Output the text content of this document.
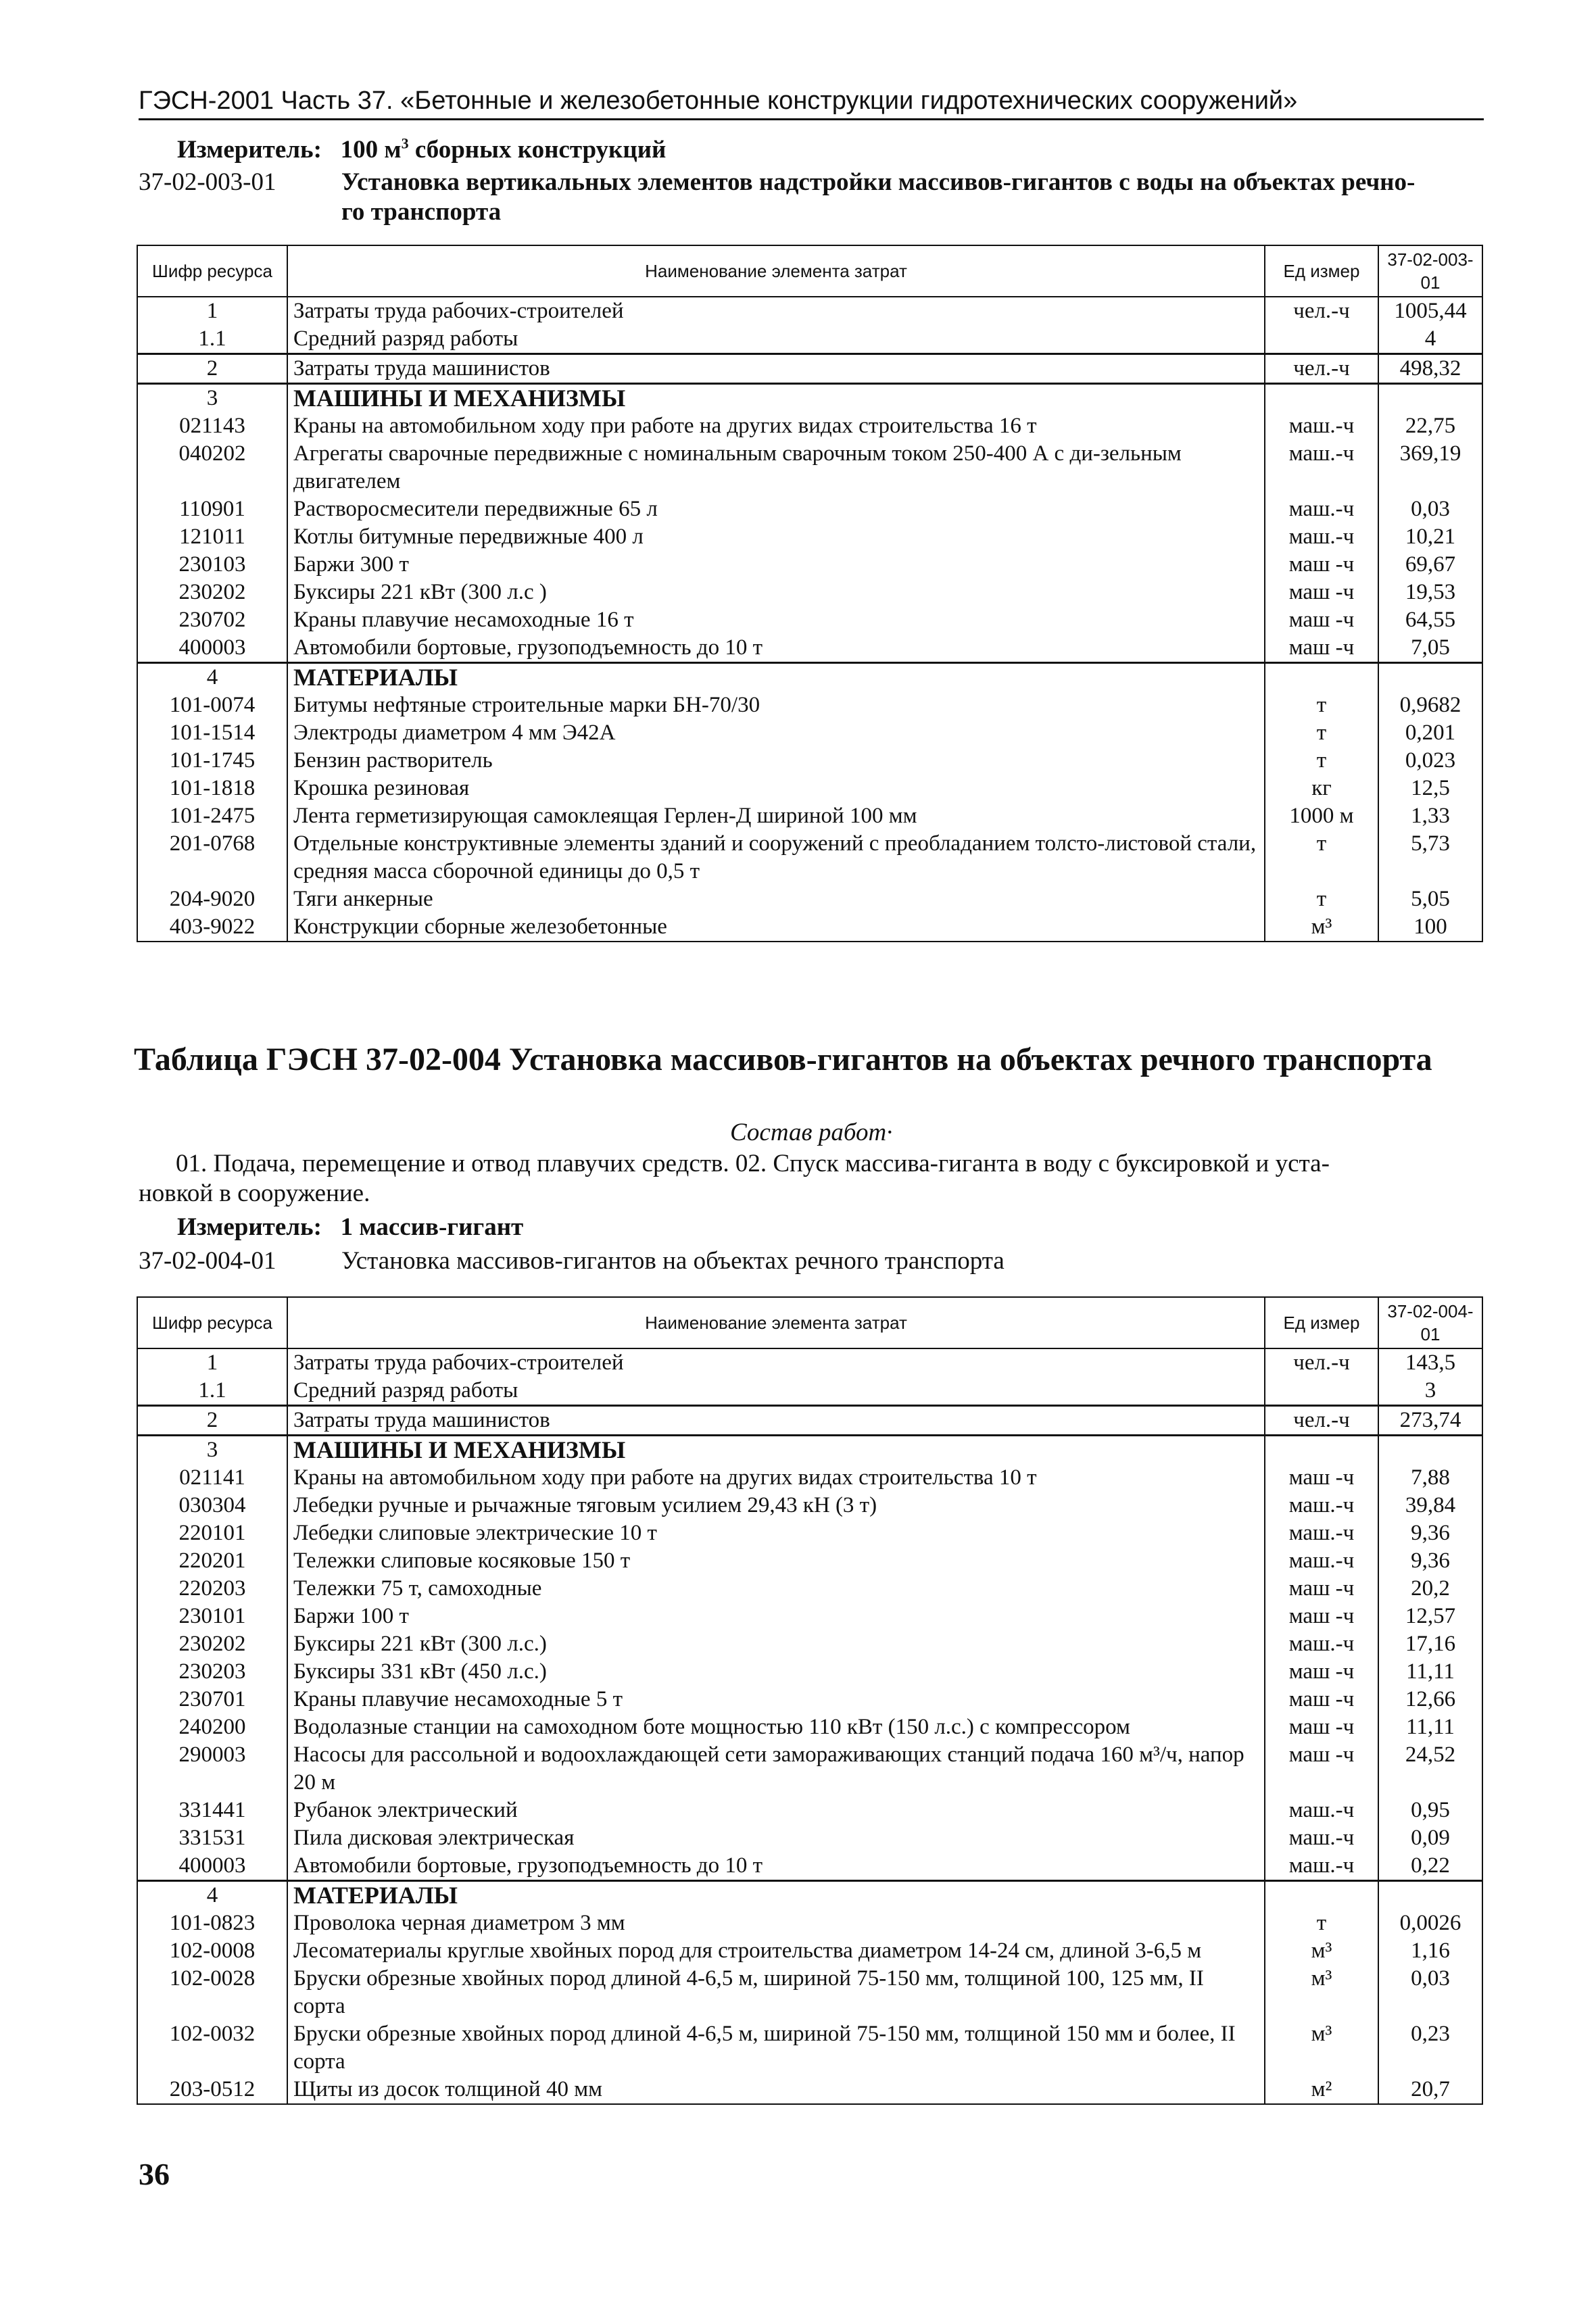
ГЭСН-2001 Часть 37. «Бетонные и железобетонные конструкции гидротехнических сооружений»
Измеритель: 100 $м^3$ сборных конструкций
37-02-003-01	Установка вертикальных элементов надстройки массивов-гигантов с воды на объектах речно-
го транспорта
Шифр ресурса	Наименование элемента затрат	Ед измер	37-02-003-01
1	Затраты труда рабочих-строителей	чел.-ч	1005,44
1.1	Средний разряд работы		4
2	Затраты труда машинистов	чел.-ч	498,32
3	МАШИНЫ И МЕХАНИЗМЫ		
021143	Краны на автомобильном ходу при работе на других видах строительства 16 т	маш.-ч	22,75
040202	Агрегаты сварочные передвижные с номинальным сварочным током 250-400 А с ди-зельным двигателем	маш.-ч	369,19
110901	Растворосмесители передвижные 65 л	маш.-ч	0,03
121011	Котлы битумные передвижные 400 л	маш.-ч	10,21
230103	Баржи 300 т	маш -ч	69,67
230202	Буксиры 221 кВт (300 л.с )	маш -ч	19,53
230702	Краны плавучие несамоходные 16 т	маш -ч	64,55
400003	Автомобили бортовые, грузоподъемность до 10 т	маш -ч	7,05
4	МАТЕРИАЛЫ		
101-0074	Битумы нефтяные строительные марки БН-70/30	т	0,9682
101-1514	Электроды диаметром 4 мм Э42А	т	0,201
101-1745	Бензин растворитель	т	0,023
101-1818	Крошка резиновая	кг	12,5
101-2475	Лента герметизирующая самоклеящая Герлен-Д шириной 100 мм	1000 м	1,33
201-0768	Отдельные конструктивные элементы зданий и сооружений с преобладанием толсто-листовой стали, средняя масса сборочной единицы до 0,5 т	т	5,73
204-9020	Тяги анкерные	т	5,05
403-9022	Конструкции сборные железобетонные	м³	100
Таблица ГЭСН 37-02-004 Установка массивов-гигантов на объектах речного транспорта
Состав работ·
01. Подача, перемещение и отвод плавучих средств. 02. Спуск массива-гиганта в воду с буксировкой и уста-
новкой в сооружение.
Измеритель: 1 массив-гигант
37-02-004-01	Установка массивов-гигантов на объектах речного транспорта
Шифр ресурса	Наименование элемента затрат	Ед измер	37-02-004-01
1	Затраты труда рабочих-строителей	чел.-ч	143,5
1.1	Средний разряд работы		3
2	Затраты труда машинистов	чел.-ч	273,74
3	МАШИНЫ И МЕХАНИЗМЫ		
021141	Краны на автомобильном ходу при работе на других видах строительства 10 т	маш -ч	7,88
030304	Лебедки ручные и рычажные тяговым усилием 29,43 кН (3 т)	маш.-ч	39,84
220101	Лебедки слиповые электрические 10 т	маш.-ч	9,36
220201	Тележки слиповые косяковые 150 т	маш.-ч	9,36
220203	Тележки 75 т, самоходные	маш -ч	20,2
230101	Баржи 100 т	маш -ч	12,57
230202	Буксиры 221 кВт (300 л.с.)	маш.-ч	17,16
230203	Буксиры 331 кВт (450 л.с.)	маш -ч	11,11
230701	Краны плавучие несамоходные 5 т	маш -ч	12,66
240200	Водолазные станции на самоходном боте мощностью 110 кВт (150 л.с.) с компрессором	маш -ч	11,11
290003	Насосы для рассольной и водоохлаждающей сети замораживающих станций подача 160 м³/ч, напор 20 м	маш -ч	24,52
331441	Рубанок электрический	маш.-ч	0,95
331531	Пила дисковая электрическая	маш.-ч	0,09
400003	Автомобили бортовые, грузоподъемность до 10 т	маш.-ч	0,22
4	МАТЕРИАЛЫ		
101-0823	Проволока черная диаметром 3 мм	т	0,0026
102-0008	Лесоматериалы круглые хвойных пород для строительства диаметром 14-24 см, длиной 3-6,5 м	м³	1,16
102-0028	Бруски обрезные хвойных пород длиной 4-6,5 м, шириной 75-150 мм, толщиной 100, 125 мм, II сорта	м³	0,03
102-0032	Бруски обрезные хвойных пород длиной 4-6,5 м, шириной 75-150 мм, толщиной 150 мм и более, II сорта	м³	0,23
203-0512	Щиты из досок толщиной 40 мм	м²	20,7
36
